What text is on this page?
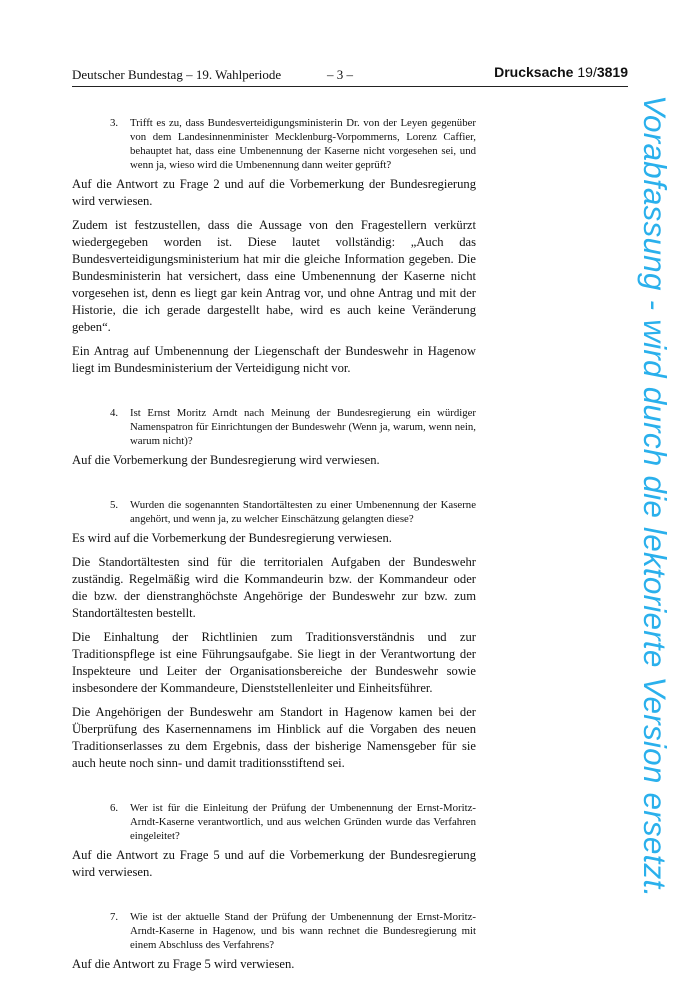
Deutscher Bundestag – 19. Wahlperiode	– 3 –	Drucksache 19/3819
3. Trifft es zu, dass Bundesverteidigungsministerin Dr. von der Leyen gegenüber von dem Landesinnenminister Mecklenburg-Vorpommerns, Lorenz Caffier, behauptet hat, dass eine Umbenennung der Kaserne nicht vorgesehen sei, und wenn ja, wieso wird die Umbenennung dann weiter geprüft?

Auf die Antwort zu Frage 2 und auf die Vorbemerkung der Bundesregierung wird verwiesen.

Zudem ist festzustellen, dass die Aussage von den Fragestellern verkürzt wiedergegeben worden ist. Diese lautet vollständig: „Auch das Bundesverteidigungsministerium hat mir die gleiche Information gegeben. Die Bundesministerin hat versichert, dass eine Umbenennung der Kaserne nicht vorgesehen ist, denn es liegt gar kein Antrag vor, und ohne Antrag und mit der Historie, die ich gerade dargestellt habe, wird es auch keine Veränderung geben“.

Ein Antrag auf Umbenennung der Liegenschaft der Bundeswehr in Hagenow liegt im Bundesministerium der Verteidigung nicht vor.

4. Ist Ernst Moritz Arndt nach Meinung der Bundesregierung ein würdiger Namenspatron für Einrichtungen der Bundeswehr (Wenn ja, warum, wenn nein, warum nicht)?

Auf die Vorbemerkung der Bundesregierung wird verwiesen.

5. Wurden die sogenannten Standortältesten zu einer Umbenennung der Kaserne angehört, und wenn ja, zu welcher Einschätzung gelangten diese?

Es wird auf die Vorbemerkung der Bundesregierung verwiesen.

Die Standortältesten sind für die territorialen Aufgaben der Bundeswehr zuständig. Regelmäßig wird die Kommandeurin bzw. der Kommandeur oder die bzw. der dienstranghöchste Angehörige der Bundeswehr zur bzw. zum Standortältesten bestellt.

Die Einhaltung der Richtlinien zum Traditionsverständnis und zur Traditionspflege ist eine Führungsaufgabe. Sie liegt in der Verantwortung der Inspekteure und Leiter der Organisationsbereiche der Bundeswehr sowie insbesondere der Kommandeure, Dienststellenleiter und Einheitsführer.

Die Angehörigen der Bundeswehr am Standort in Hagenow kamen bei der Überprüfung des Kasernennamens im Hinblick auf die Vorgaben des neuen Traditionserlasses zu dem Ergebnis, dass der bisherige Namensgeber für sie auch heute noch sinn- und damit traditionsstiftend sei.

6. Wer ist für die Einleitung der Prüfung der Umbenennung der Ernst-Moritz-Arndt-Kaserne verantwortlich, und aus welchen Gründen wurde das Verfahren eingeleitet?

Auf die Antwort zu Frage 5 und auf die Vorbemerkung der Bundesregierung wird verwiesen.

7. Wie ist der aktuelle Stand der Prüfung der Umbenennung der Ernst-Moritz-Arndt-Kaserne in Hagenow, und bis wann rechnet die Bundesregierung mit einem Abschluss des Verfahrens?

Auf die Antwort zu Frage 5 wird verwiesen.

Vorabfassung - wird durch die lektorierte Version ersetzt.
